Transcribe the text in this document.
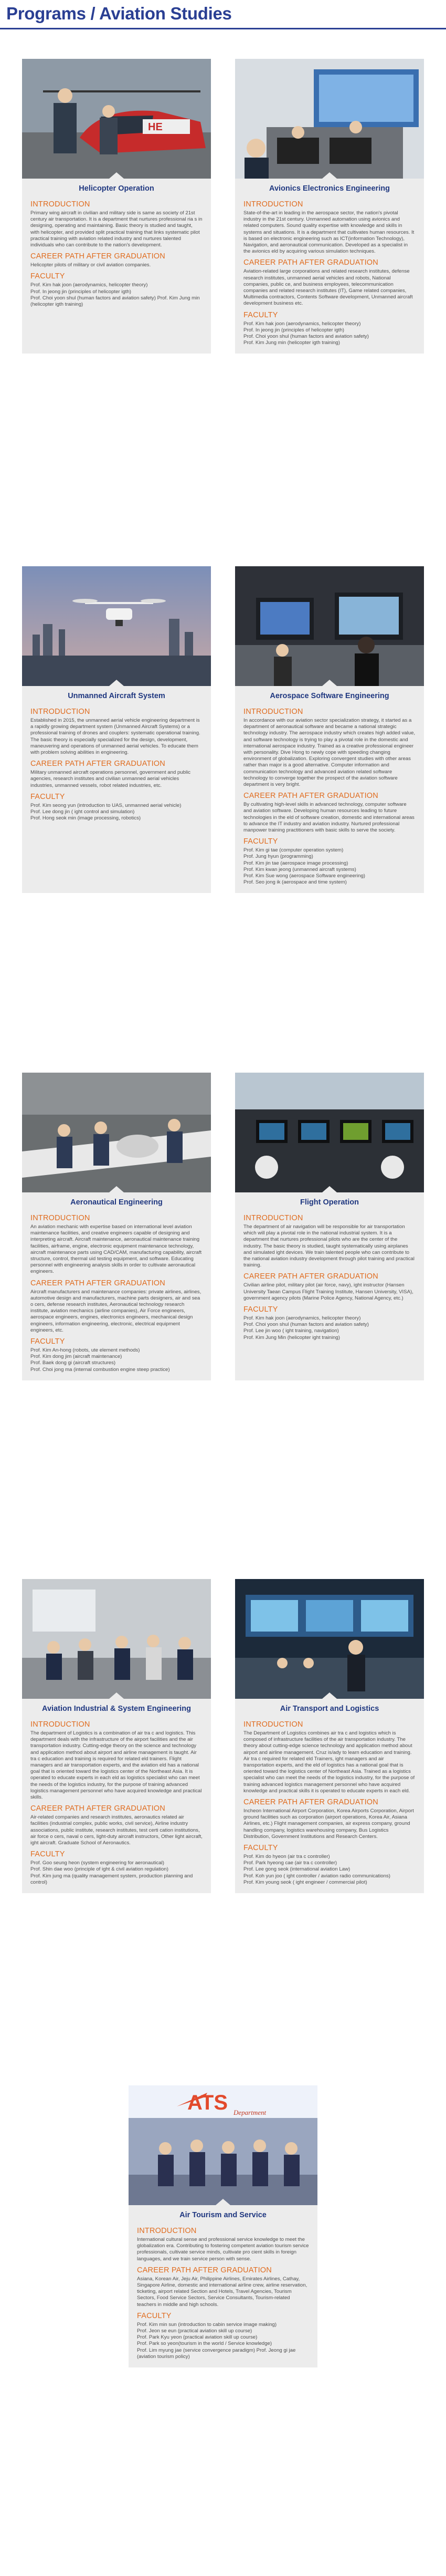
Programs / Aviation Studies
HE
Helicopter Operation
INTRODUCTION

Primary wing aircraft in civilian and military side is same as society of 21st century air transportation. It is a department that nurtures professional ria s in designing, operating and maintaining. Basic theory is studied and taught, with helicopter, and provided split practical training that links systematic pilot practical training with aviation related industry and nurtures talented individuals who can contribute to the nation's development.

CAREER PATH AFTER GRADUATION

Helicopter pilots of military or civil aviation companies.

FACULTY

Prof. Kim hak joon (aerodynamics, helicopter theory)

Prof. In jeong jin (principles of helicopter igth)

Prof. Choi yoon shul (human factors and aviation safety) Prof. Kim Jung min (helicopter igth training)

Avionics Electronics Engineering
INTRODUCTION

State-of-the-art in leading in the aerospace sector, the nation's pivotal industry in the 21st century. Unmanned automation using avionics and related computers. Sound quality expertise with knowledge and skills in systems and situations. It is a department that cultivates human resources. It is based on electronic engineering such as ICT(information Technology), Navigation, and aeronautical communication. Developed as a specialist in the avionics eld by acquiring various simulation techniques.

CAREER PATH AFTER GRADUATION

Aviation-related large corporations and related research institutes, defense research institutes, unmanned aerial vehicles and robots, National companies, public ce, and business employees, telecommunication companies and related research institutes (IT), Game related companies, Multimedia contractors, Contents Software development, Unmanned aircraft development business etc.

FACULTY

Prof. Kim hak joon (aerodynamics, helicopter theory)

Prof. In jeong jin (principles of helicopter igth)

Prof. Choi yoon shul (human factors and aviation safety)

Prof. Kim Jung min (helicopter igth training)

Unmanned Aircraft System
INTRODUCTION

Established in 2015, the unmanned aerial vehicle engineering department is a rapidly growing department system (Unmanned Aircraft Systems) or a professional training of drones and couplers: systematic operational training. The basic theory is especially specialized for the design, development, maneuvering and operations of unmanned aerial vehicles. To educate them with problem solving abilities in engineering.

CAREER PATH AFTER GRADUATION

Military unmanned aircraft operations personnel, government and public agencies, research institutes and civilian unmanned aerial vehicles industries, unmanned vessels, robot related industries, etc.

FACULTY

Prof. Kim seong yun (introduction to UAS, unmanned aerial vehicle)

Prof. Lee dong jin ( ight control and simulation)

Prof. Hong seok min (image processing, robotics)

Aerospace Software Engineering
INTRODUCTION

In accordance with our aviation sector specialization strategy, it started as a department of aeronautical software and became a national strategic technology industry. The aerospace industry which creates high added value, and software technology is trying to play a pivotal role in the domestic and international aerospace industry. Trained as a creative professional engineer with personality. Dive Hong to newly cope with speeding changing environment of globalization. Exploring convergent studies with other areas rather than major is a good alternative. Computer information and communication technology and advanced aviation related software technology to converge together the prospect of the aviation software department is very bright.

CAREER PATH AFTER GRADUATION

By cultivating high-level skills in advanced technology, computer software and aviation software. Developing human resources leading to future technologies in the eld of software creation, domestic and international areas to advance the IT industry and aviation industry. Nurtured professional manpower training practitioners with basic skills to serve the society.

FACULTY

Prof. Kim gi tae (computer operation system)

Prof. Jung hyun (programming)

Prof. Kim jin tae (aerospace image processing)

Prof. Kim kwan jeong (unmanned aircraft systems)

Prof. Kim Sue wong (aerospace Software engineering)

Prof. Seo jong ik (aerospace and time system)

Aeronautical Engineering
INTRODUCTION

An aviation mechanic with expertise based on international level aviation maintenance facilities, and creative engineers capable of designing and interpreting aircraft. Aircraft maintenance, aeronautical maintenance training facilities, airframe, engine, electronic equipment maintenance technology, aircraft maintenance parts using CAD/CAM, manufacturing capability, aircraft structure, control, thermal uid testing equipment, and software. Educating personnel with engineering analysis skills in order to cultivate aeronautical engineers.

CAREER PATH AFTER GRADUATION

Aircraft manufacturers and maintenance companies: private airlines, airlines, automotive design and manufacturers, machine parts designers, air and sea o cers, defense research institutes, Aeronautical technology research institute, aviation mechanics (airline companies), Air Force engineers, aerospace engineers, engines, electronics engineers, mechanical design engineers, information engineering, electronic, electrical equipment engineers, etc.

FACULTY

Prof. Kim An-hong (robots, ute element methods)

Prof. Kim dong jim (aircraft maintenance)

Prof. Baek dong gi (aircraft structures)

Prof. Choi jong ma (internal combustion engine steep practice)

Flight Operation
INTRODUCTION

The department of air navigation will be responsible for air transportation which will play a pivotal role in the national industrial system. It is a department that nurtures professional pilots who are the center of the industry. The basic theory is studied, taught systematically using airplanes and simulated ight devices. We train talented people who can contribute to the national aviation industry development through pilot training and practical training.

CAREER PATH AFTER GRADUATION

Civilian airline pilot, military pilot (air force, navy), ight instructor (Hansen University Taean Campus Flight Training Institute, Hansen University, VISA), government agency pilots (Marine Police Agency, National Agency, etc.)

FACULTY

Prof. Kim hak joon (aerodynamics, helicopter theory)

Prof. Choi yoon shul (human factors and aviation safety)

Prof. Lee jin woo ( ight training, navigation)

Prof. Kim Jung Min (helicopter ight training)

Aviation Industrial & System Engineering
INTRODUCTION

The department of Logistics is a combination of air tra c and logistics. This department deals with the infrastructure of the airport facilities and the air transportation industry. Cutting-edge theory on the science and technology and application method about airport and airline management is taught. Air tra c education and training is required for related eld trainers. Flight managers and air transportation experts, and the aviation eld has a national goal that is oriented toward the logistics center of the Northeast Asia. It is operated to educate experts in each eld as logistics specialist who can meet the needs of the logistics industry, for the purpose of training advanced logistics management personnel who have acquired knowledge and practical skills.

CAREER PATH AFTER GRADUATION

Air-related companies and research institutes, aeronautics related air facilities (industrial complex, public works, civil service), Airline industry associations, public institute, research institutes, test certi cation institutions, air force o cers, naval o cers, light-duty aircraft instructors, Other light aircraft, ight aircraft. Graduate School of Aeronautics.

FACULTY

Prof. Goo seung heon (system engineering for aeronautical)

Prof. Shin dae woo (principle of ight & civil aviation regulation)

Prof. Kim jung ma (quality management system, production planning and control)

Air Transport and Logistics
INTRODUCTION

The Department of Logistics combines air tra c and logistics which is composed of infrastructure facilities of the air transportation industry. The theory about cutting-edge science technology and application method about airport and airline management. Cruz is/ady to learn education and training. Air tra c required for related eld Trainers, ight managers and air transportation experts, and the eld of logistics has a national goal that is oriented toward the logistics center of Northeast Asia. Trained as a logistics specialist who can meet the needs of the logistics industry, for the purpose of training advanced logistics management personnel who have acquired knowledge and practical skills it is operated to educate experts in each eld.

CAREER PATH AFTER GRADUATION

Incheon International Airport Corporation, Korea Airports Corporation, Airport ground facilities such as corporation (airport operations, Korea Air, Asiana Airlines, etc.) Flight management companies, air express company, ground handling company, logistics warehousing company, Bus Logistics Distribution, Government Institutions and Research Centers.

FACULTY

Prof. Kim do hyeon (air tra c controller)

Prof. Park hyeong cae (air tra c controller)

Prof. Lee gong seok (international aviation Law)

Prof. Koh yun joo ( ight controller / aviation radio communications)

Prof. Kim young seok ( ight engineer / commercial pilot)

ATS Department
Air Tourism and Service
INTRODUCTION

International cultural sense and professional service knowledge to meet the globalization era. Contributing to fostering competent aviation tourism service professionals, cultivate service minds, cultivate pro cient skills in foreign languages, and we train service person with sense.

CAREER PATH AFTER GRADUATION

Asiana, Korean Air, Jeju Air, Philippine Airlines, Emirates Airlines, Cathay, Singapore Airline, domestic and international airline crew, airline reservation, ticketing, airport related Section and Hotels, Travel Agencies, Tourism Sectors, Food Service Sectors, Service Consultants, Tourism-related teachers in middle and high schools.

FACULTY

Prof. Kim min sun (introduction to cabin service image making)

Prof. Jeon se eun (practical aviation skill up course)

Prof. Park Kyu yeon (practical aviation skill up course)

Prof. Park so yeon(tourism in the world / Service knowledge)

Prof. Lim myung jae (service convergence paradigm) Prof. Jeong gi jae (aviation tourism policy)
